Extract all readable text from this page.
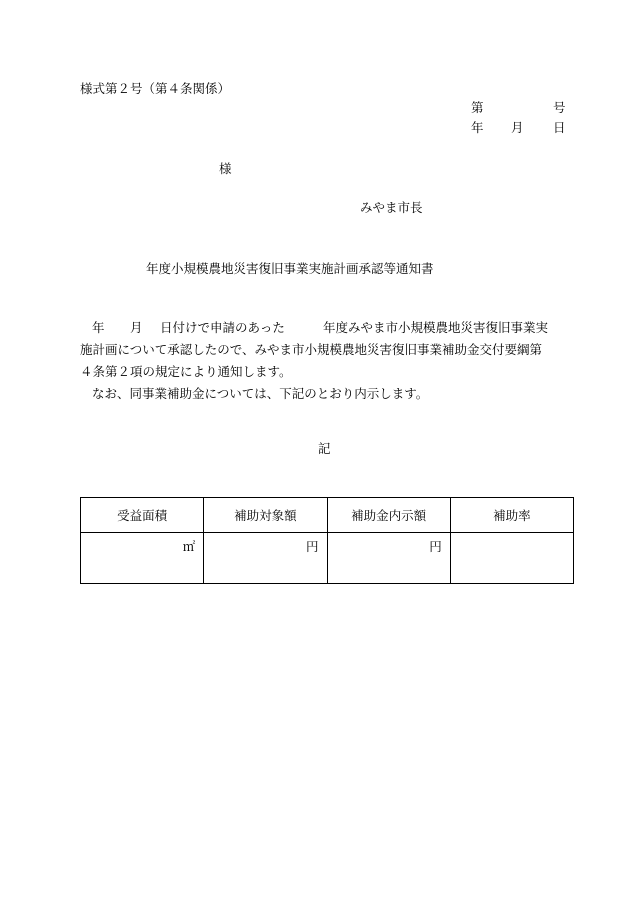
様式第２号（第４条関係）
第	号
年 月 日
様
みやま市長
年度小規模農地災害復旧事業実施計画承認等通知書
年 月 日付けで申請のあった	年度みやま市小規模農地災害復旧事業実
施計画について承認したので、みやま市小規模農地災害復旧事業補助金交付要綱第
４条第２項の規定により通知します。
なお、同事業補助金については、下記のとおり内示します。
記
受益面積	補助対象額	補助金内示額	補助率
㎡	円	円	
